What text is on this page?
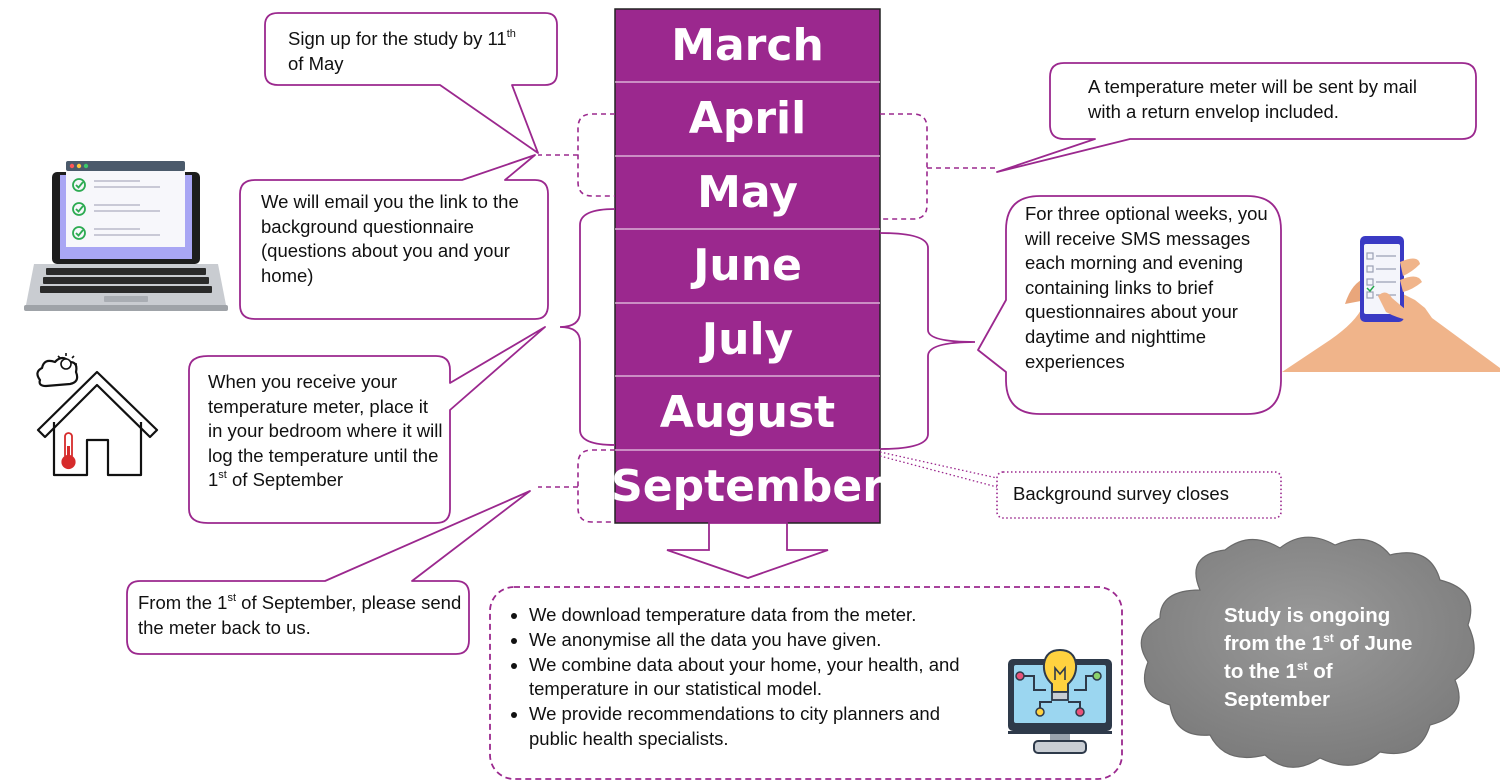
March
April
May
June
July
August
September
Sign up for the study by 11th
of May
We will email you the link to the background questionnaire (questions about you and your home)
When you receive your temperature meter, place it in your bedroom where it will log the temperature until the 1st of September
From the 1st of September, please send the meter back to us.
A temperature meter will be sent by mail with a return envelop included.
For three optional weeks, you will receive SMS messages each morning and evening containing links to brief questionnaires about your daytime and nighttime experiences
Background survey closes
• We download temperature data from the meter.
• We anonymise all the data you have given.
• We combine data about your home, your health, and temperature in our statistical model.
• We provide recommendations to city planners and public health specialists.
Study is ongoing
from the 1st of June
to the 1st of
September
